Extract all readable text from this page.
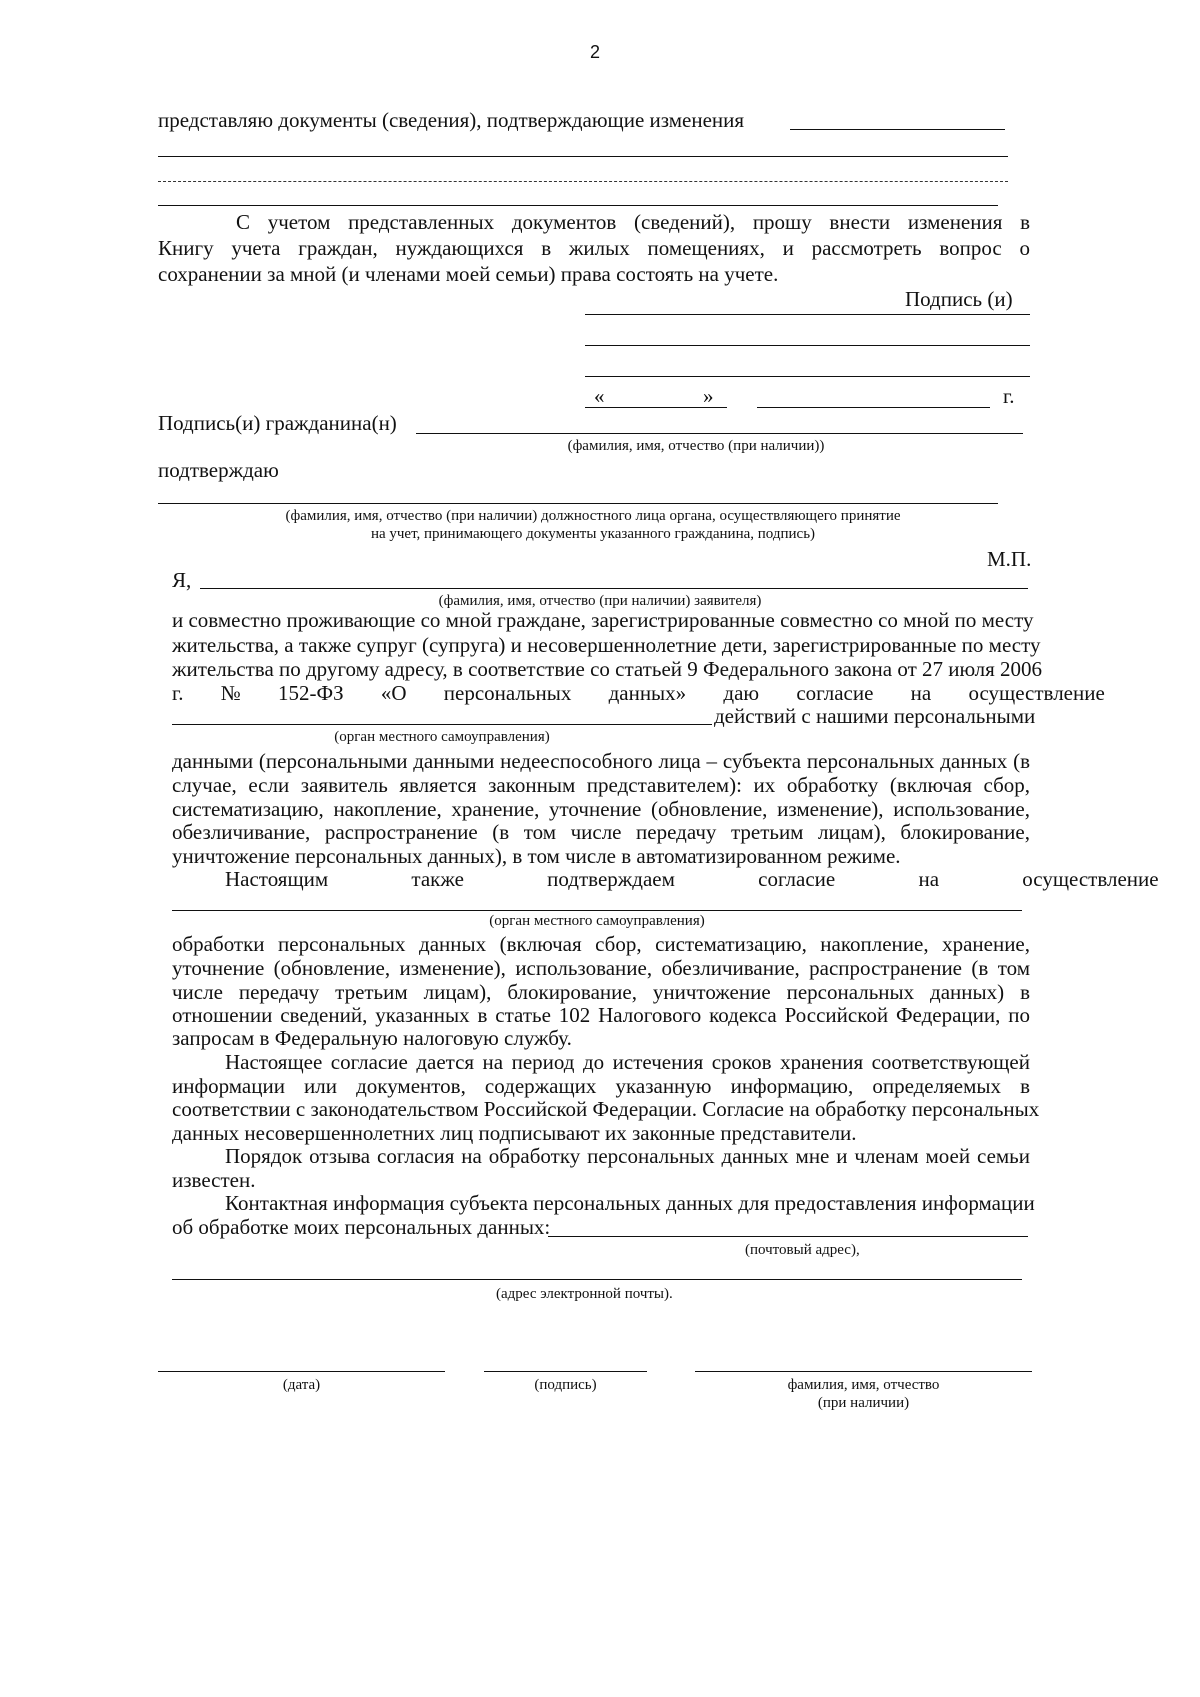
2
представляю документы (сведения), подтверждающие изменения
С учетом представленных документов (сведений), прошу внести изменения в
Книгу учета граждан, нуждающихся в жилых помещениях, и рассмотреть вопрос о
сохранении за мной (и членами моей семьи) права состоять на учете.
Подпись (и)
«	»	г.
Подпись(и) гражданина(н)
(фамилия, имя, отчество (при наличии))
подтверждаю
(фамилия, имя, отчество (при наличии) должностного лица органа, осуществляющего принятие
на учет, принимающего документы указанного гражданина, подпись)
М.П.
Я,
(фамилия, имя, отчество (при наличии) заявителя)
и совместно проживающие со мной граждане, зарегистрированные совместно со мной по месту
жительства, а также супруг (супруга) и несовершеннолетние дети, зарегистрированные по месту
жительства по другому адресу, в соответствие со статьей 9 Федерального закона от 27 июля 2006
г. № 152-ФЗ «О персональных данных» даю согласие на осуществление
действий с нашими персональными
(орган местного самоуправления)
данными (персональными данными недееспособного лица – субъекта персональных данных (в
случае, если заявитель является законным представителем): их обработку (включая сбор,
систематизацию, накопление, хранение, уточнение (обновление, изменение), использование,
обезличивание, распространение (в том числе передачу третьим лицам), блокирование,
уничтожение персональных данных), в том числе в автоматизированном режиме.
Настоящим также подтверждаем согласие на осуществление
(орган местного самоуправления)
обработки персональных данных (включая сбор, систематизацию, накопление, хранение,
уточнение (обновление, изменение), использование, обезличивание, распространение (в том
числе передачу третьим лицам), блокирование, уничтожение персональных данных) в
отношении сведений, указанных в статье 102 Налогового кодекса Российской Федерации, по
запросам в Федеральную налоговую службу.
Настоящее согласие дается на период до истечения сроков хранения соответствующей
информации или документов, содержащих указанную информацию, определяемых в
соответствии с законодательством Российской Федерации. Согласие на обработку персональных
данных несовершеннолетних лиц подписывают их законные представители.
Порядок отзыва согласия на обработку персональных данных мне и членам моей семьи
известен.
Контактная информация субъекта персональных данных для предоставления информации
об обработке моих персональных данных:
(почтовый адрес),
(адрес электронной почты).
(дата)	(подпись)	фамилия, имя, отчество
(при наличии)
